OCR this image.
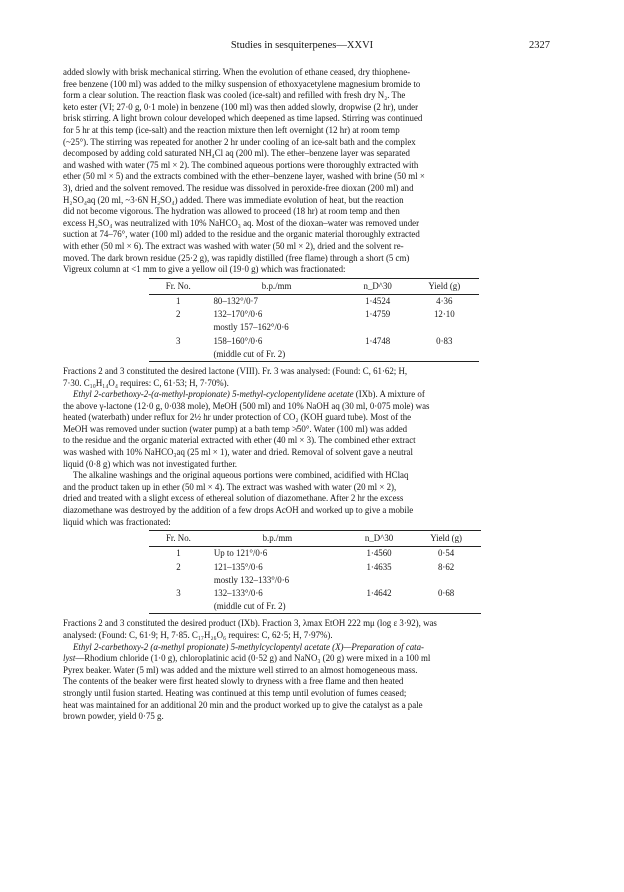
Studies in sesquiterpenes—XXVI	2327

added slowly with brisk mechanical stirring. When the evolution of ethane ceased, dry thiophene-
free benzene (100 ml) was added to the milky suspension of ethoxyacetylene magnesium bromide to
form a clear solution. The reaction flask was cooled (ice-salt) and refilled with fresh dry N₂. The
keto ester (VI; 27·0 g, 0·1 mole) in benzene (100 ml) was then added slowly, dropwise (2 hr), under
brisk stirring. A light brown colour developed which deepened as time lapsed. Stirring was continued
for 5 hr at this temp (ice-salt) and the reaction mixture then left overnight (12 hr) at room temp
(~25°). The stirring was repeated for another 2 hr under cooling of an ice-salt bath and the complex
decomposed by adding cold saturated NH₄Cl aq (200 ml). The ether–benzene layer was separated
and washed with water (75 ml × 2). The combined aqueous portions were thoroughly extracted with
ether (50 ml × 5) and the extracts combined with the ether–benzene layer, washed with brine (50 ml ×
3), dried and the solvent removed. The residue was dissolved in peroxide-free dioxan (200 ml) and
H₂SO₄aq (20 ml, ~3·6N H₂SO₄) added. There was immediate evolution of heat, but the reaction
did not become vigorous. The hydration was allowed to proceed (18 hr) at room temp and then
excess H₂SO₄ was neutralized with 10% NaHCO₃ aq. Most of the dioxan–water was removed under
suction at 74–76°, water (100 ml) added to the residue and the organic material thoroughly extracted
with ether (50 ml × 6). The extract was washed with water (50 ml × 2), dried and the solvent re-
moved. The dark brown residue (25·2 g), was rapidly distilled (free flame) through a short (5 cm)
Vigreux column at <1 mm to give a yellow oil (19·0 g) which was fractionated:

Fr. No.	b.p./mm	n_D^30	Yield (g)
1	80–132°/0·7	1·4524	4·36
2	132–170°/0·6	1·4759	12·10
	mostly 157–162°/0·6		
3	158–160°/0·6	1·4748	0·83
	(middle cut of Fr. 2)		

Fractions 2 and 3 constituted the desired lactone (VIII). Fr. 3 was analysed: (Found: C, 61·62; H,
7·30. C₁₀H₁₄O₄ requires: C, 61·53; H, 7·70%).

Ethyl 2-carbethoxy-2-(α-methyl-propionate) 5-methyl-cyclopentylidene acetate (IXb). A mixture of
the above γ-lactone (12·0 g, 0·038 mole), MeOH (500 ml) and 10% NaOH aq (30 ml, 0·075 mole) was
heated (waterbath) under reflux for 2½ hr under protection of CO₂ (KOH guard tube). Most of the
MeOH was removed under suction (water pump) at a bath temp ≯50°. Water (100 ml) was added
to the residue and the organic material extracted with ether (40 ml × 3). The combined ether extract
was washed with 10% NaHCO₃aq (25 ml × 1), water and dried. Removal of solvent gave a neutral
liquid (0·8 g) which was not investigated further.

The alkaline washings and the original aqueous portions were combined, acidified with HClaq
and the product taken up in ether (50 ml × 4). The extract was washed with water (20 ml × 2),
dried and treated with a slight excess of ethereal solution of diazomethane. After 2 hr the excess
diazomethane was destroyed by the addition of a few drops AcOH and worked up to give a mobile
liquid which was fractionated:

Fr. No.	b.p./mm	n_D^30	Yield (g)
1	Up to 121°/0·6	1·4560	0·54
2	121–135°/0·6	1·4635	8·62
	mostly 132–133°/0·6		
3	132–133°/0·6	1·4642	0·68
	(middle cut of Fr. 2)		

Fractions 2 and 3 constituted the desired product (IXb). Fraction 3, λmax EtOH 222 mμ (log ε 3·92), was
analysed: (Found: C, 61·9; H, 7·85. C₁₇H₂₆O₆ requires: C, 62·5; H, 7·97%).

Ethyl 2-carbethoxy-2 (α-methyl propionate) 5-methylcyclopentyl acetate (X)—Preparation of cata-
lyst—Rhodium chloride (1·0 g), chloroplatinic acid (0·52 g) and NaNO₃ (20 g) were mixed in a 100 ml
Pyrex beaker. Water (5 ml) was added and the mixture well stirred to an almost homogeneous mass.
The contents of the beaker were first heated slowly to dryness with a free flame and then heated
strongly until fusion started. Heating was continued at this temp until evolution of fumes ceased;
heat was maintained for an additional 20 min and the product worked up to give the catalyst as a pale
brown powder, yield 0·75 g.
